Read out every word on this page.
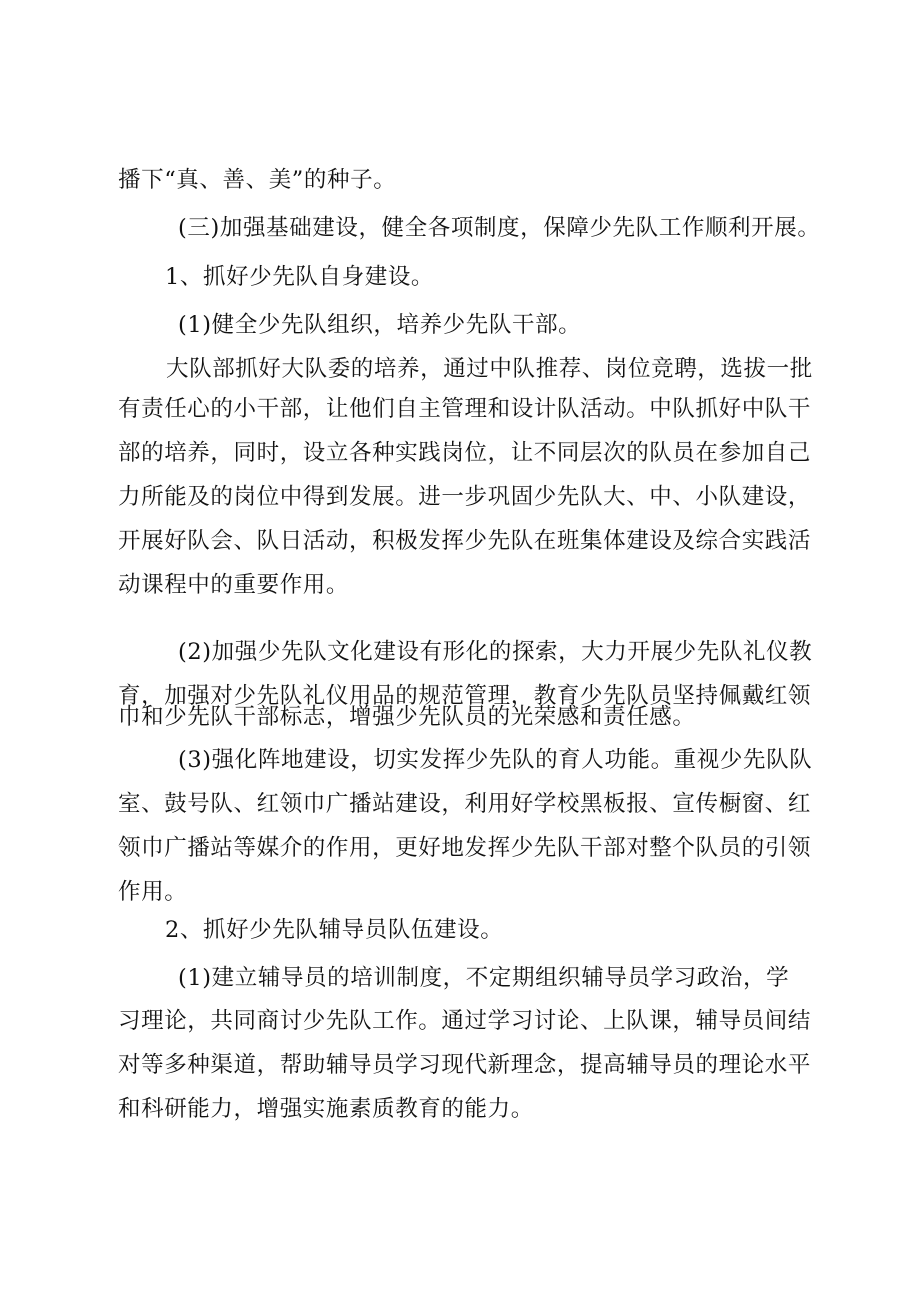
播下“真、善、美”的种子。
(三)加强基础建设，健全各项制度，保障少先队工作顺利开展。
1、抓好少先队自身建设。
(1)健全少先队组织，培养少先队干部。
大队部抓好大队委的培养，通过中队推荐、岗位竞聘，选拔一批
有责任心的小干部，让他们自主管理和设计队活动。中队抓好中队干
部的培养，同时，设立各种实践岗位，让不同层次的队员在参加自己
力所能及的岗位中得到发展。进一步巩固少先队大、中、小队建设，
开展好队会、队日活动，积极发挥少先队在班集体建设及综合实践活
动课程中的重要作用。
(2)加强少先队文化建设有形化的探索，大力开展少先队礼仪教
育，加强对少先队礼仪用品的规范管理，教育少先队员坚持佩戴红领
巾和少先队干部标志，增强少先队员的光荣感和责任感。
(3)强化阵地建设，切实发挥少先队的育人功能。重视少先队队
室、鼓号队、红领巾广播站建设，利用好学校黑板报、宣传橱窗、红
领巾广播站等媒介的作用，更好地发挥少先队干部对整个队员的引领
作用。
2、抓好少先队辅导员队伍建设。
(1)建立辅导员的培训制度，不定期组织辅导员学习政治，学
习理论，共同商讨少先队工作。通过学习讨论、上队课，辅导员间结
对等多种渠道，帮助辅导员学习现代新理念，提高辅导员的理论水平
和科研能力，增强实施素质教育的能力。
